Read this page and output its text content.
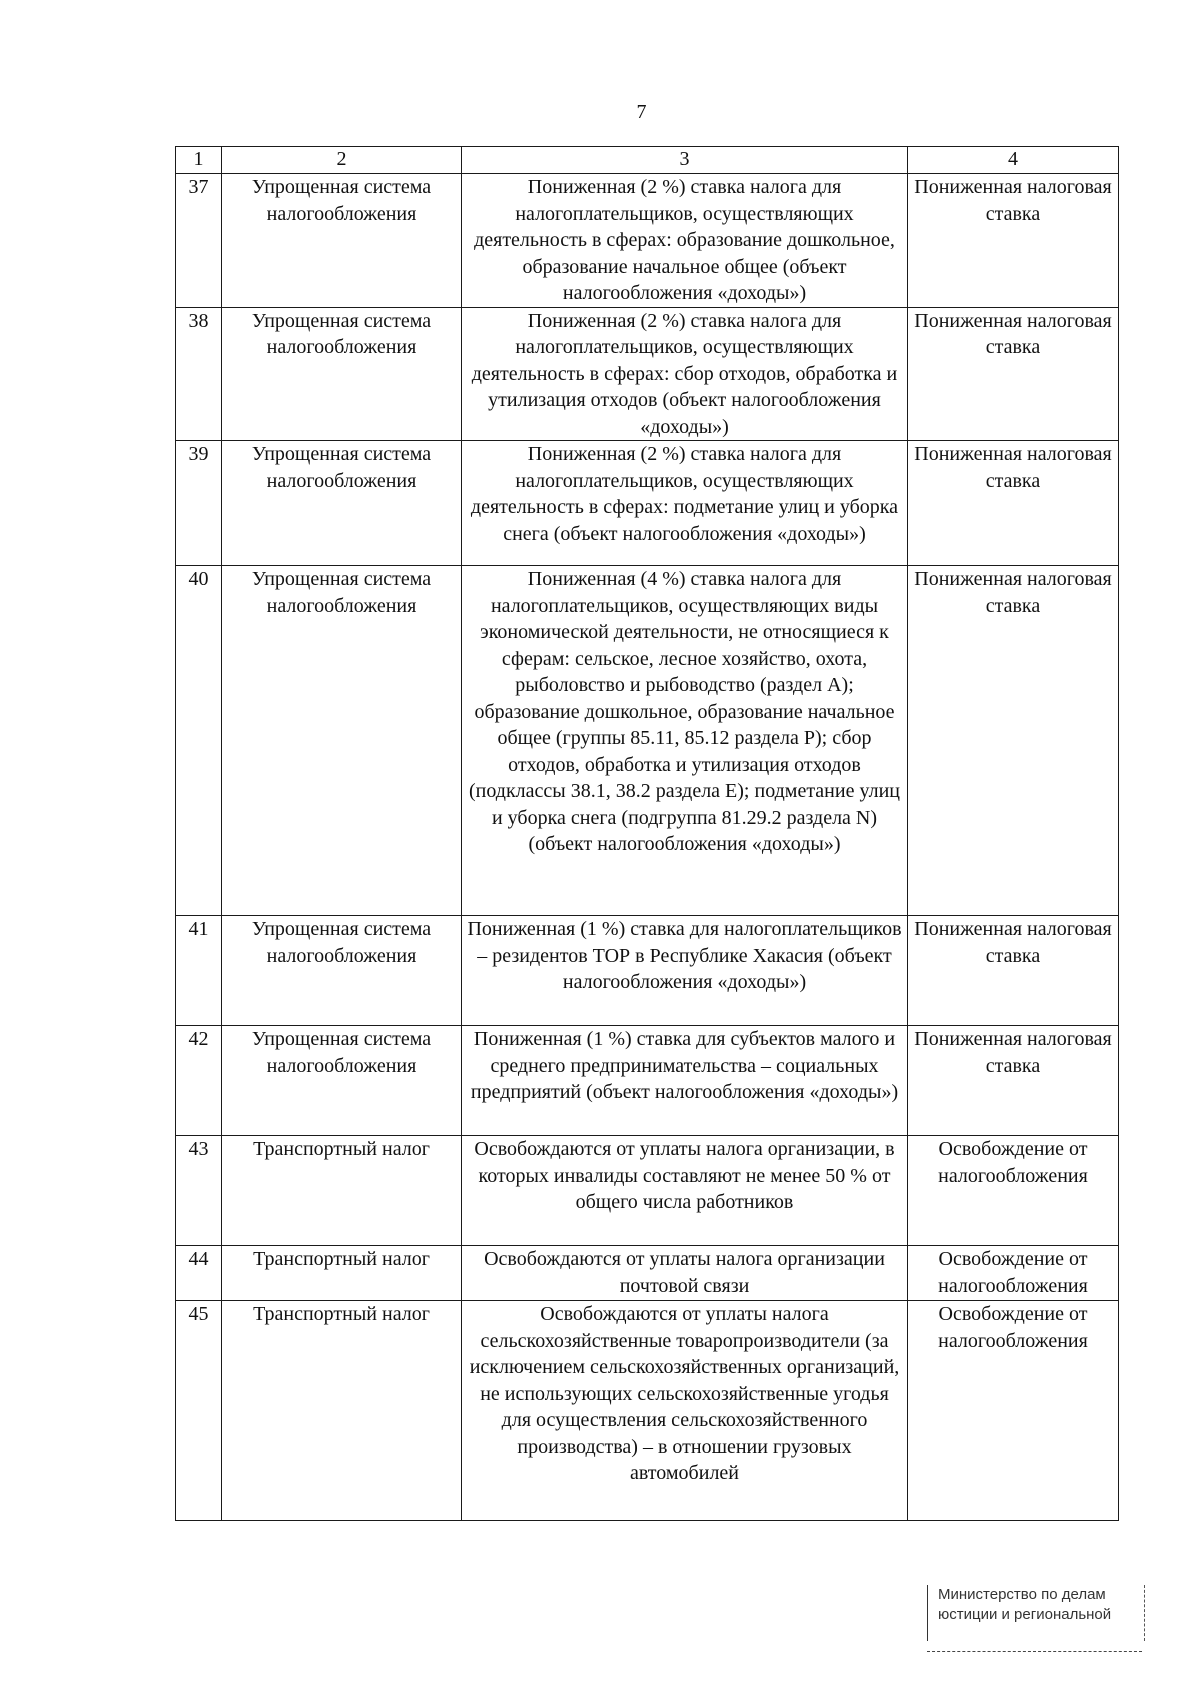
7
1	2	3	4
37	Упрощенная система налогообложения	Пониженная (2 %) ставка налога для налогоплательщиков, осуществляющих деятельность в сферах: образование дошкольное, образование начальное общее (объект налогообложения «доходы»)	Пониженная налоговая ставка
38	Упрощенная система налогообложения	Пониженная (2 %) ставка налога для налогоплательщиков, осуществляющих деятельность в сферах: сбор отходов, обработка и утилизация отходов (объект налогообложения «доходы»)	Пониженная налоговая ставка
39	Упрощенная система налогообложения	Пониженная (2 %) ставка налога для налогоплательщиков, осуществляющих деятельность в сферах: подметание улиц и уборка снега (объект налогообложения «доходы»)	Пониженная налоговая ставка
40	Упрощенная система налогообложения	Пониженная (4 %) ставка налога для налогоплательщиков, осуществляющих виды экономической деятельности, не относящиеся к сферам: сельское, лесное хозяйство, охота, рыболовство и рыбоводство (раздел A); образование дошкольное, образование начальное общее (группы 85.11, 85.12 раздела P); сбор отходов, обработка и утилизация отходов (подклассы 38.1, 38.2 раздела E); подметание улиц и уборка снега (подгруппа 81.29.2 раздела N) (объект налогообложения «доходы»)	Пониженная налоговая ставка
41	Упрощенная система налогообложения	Пониженная (1 %) ставка для налогоплательщиков – резидентов ТОР в Республике Хакасия (объект налогообложения «доходы»)	Пониженная налоговая ставка
42	Упрощенная система налогообложения	Пониженная (1 %) ставка для субъектов малого и среднего предпринимательства – социальных предприятий (объект налогообложения «доходы»)	Пониженная налоговая ставка
43	Транспортный налог	Освобождаются от уплаты налога организации, в которых инвалиды составляют не менее 50 % от общего числа работников	Освобождение от налогообложения
44	Транспортный налог	Освобождаются от уплаты налога организации почтовой связи	Освобождение от налогообложения
45	Транспортный налог	Освобождаются от уплаты налога сельскохозяйственные товаропроизводители (за исключением сельскохозяйственных организаций, не использующих сельскохозяйственные угодья для осуществления сельскохозяйственного производства) – в отношении грузовых автомобилей	Освобождение от налогообложения
Министерство по делам
юстиции и региональной
